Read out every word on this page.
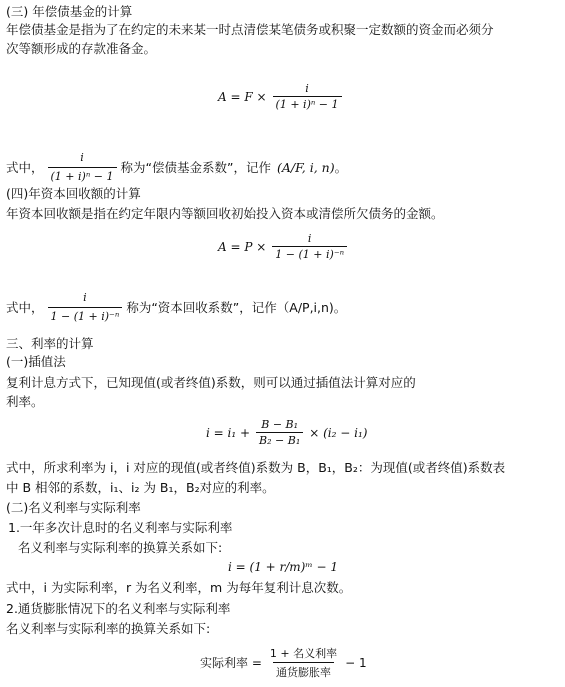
(三) 年偿债基金的计算
年偿债基金是指为了在约定的未来某一时点清偿某笔债务或积聚一定数额的资金而必须分
次等额形成的存款准备金。
$A = F \times \frac{i}{\text{(1 + i)ⁿ − 1}}$
式中， $\frac{i}{\text{(1 + i)ⁿ − 1}}$ 称为“偿债基金系数”，记作 (A/F, i, n) 。
(四)年资本回收额的计算
年资本回收额是指在约定年限内等额回收初始投入资本或清偿所欠债务的金额。
$A = P \times \frac{i}{\text{1 − (1 + i)⁻ⁿ}}$
式中， $\frac{i}{\text{1 − (1 + i)⁻ⁿ}}$ 称为“资本回收系数”，记作（A/P,i,n)。
三、利率的计算
(一)插值法
复利计息方式下，已知现值(或者终值)系数，则可以通过插值法计算对应的
利率。
$i = i_1 + \frac{\text{B − B₁}}{\text{B₂ − B₁}} \times (i_2 - i_1)$
式中，所求利率为 i，i 对应的现值(或者终值)系数为 B，B₁，B₂：为现值(或者终值)系数表
中 B 相邻的系数，i₁、i₂ 为 B₁，B₂对应的利率。
(二)名义利率与实际利率
1.一年多次计息时的名义利率与实际利率
名义利率与实际利率的换算关系如下:
i = (1 + r/m)ᵐ − 1
式中，i 为实际利率，r 为名义利率，m 为每年复利计息次数。
2.通货膨胀情况下的名义利率与实际利率
名义利率与实际利率的换算关系如下:
实际利率 = $\frac{\text{1 + 名义利率}}{\text{通货膨胀率}} - 1$
